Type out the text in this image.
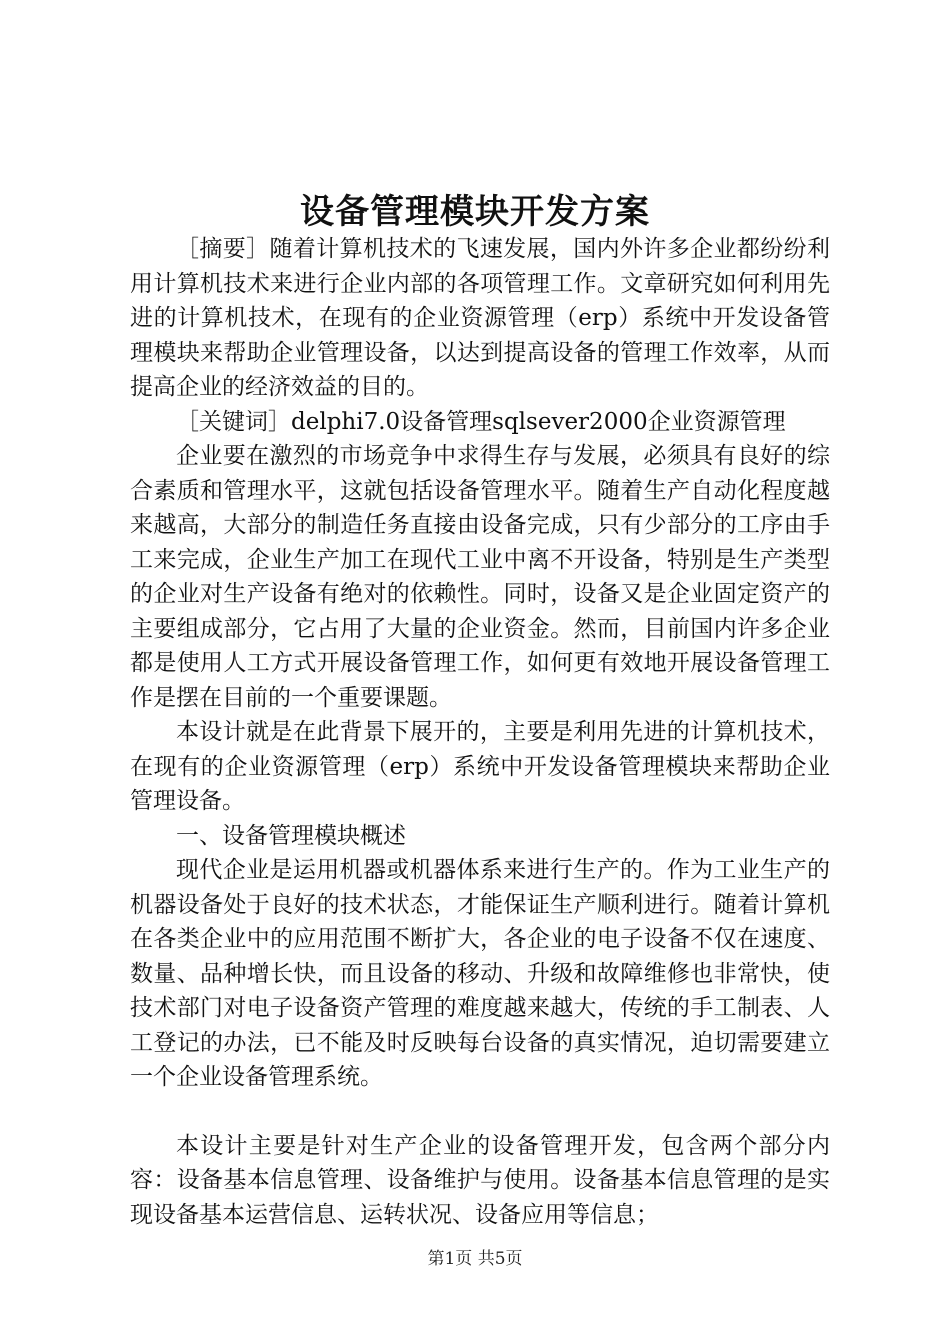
设备管理模块开发方案

［摘要］随着计算机技术的飞速发展，国内外许多企业都纷纷利用计算机技术来进行企业内部的各项管理工作。文章研究如何利用先进的计算机技术，在现有的企业资源管理（erp）系统中开发设备管理模块来帮助企业管理设备，以达到提高设备的管理工作效率，从而提高企业的经济效益的目的。

［关键词］delphi7.0设备管理sqlsever2000企业资源管理

企业要在激烈的市场竞争中求得生存与发展，必须具有良好的综合素质和管理水平，这就包括设备管理水平。随着生产自动化程度越来越高，大部分的制造任务直接由设备完成，只有少部分的工序由手工来完成，企业生产加工在现代工业中离不开设备，特别是生产类型的企业对生产设备有绝对的依赖性。同时，设备又是企业固定资产的主要组成部分，它占用了大量的企业资金。然而，目前国内许多企业都是使用人工方式开展设备管理工作，如何更有效地开展设备管理工作是摆在目前的一个重要课题。

本设计就是在此背景下展开的，主要是利用先进的计算机技术，在现有的企业资源管理（erp）系统中开发设备管理模块来帮助企业管理设备。

一、设备管理模块概述

现代企业是运用机器或机器体系来进行生产的。作为工业生产的机器设备处于良好的技术状态，才能保证生产顺利进行。随着计算机在各类企业中的应用范围不断扩大，各企业的电子设备不仅在速度、数量、品种增长快，而且设备的移动、升级和故障维修也非常快，使技术部门对电子设备资产管理的难度越来越大，传统的手工制表、人工登记的办法，已不能及时反映每台设备的真实情况，迫切需要建立一个企业设备管理系统。

本设计主要是针对生产企业的设备管理开发，包含两个部分内容：设备基本信息管理、设备维护与使用。设备基本信息管理的是实现设备基本运营信息、运转状况、设备应用等信息；

第1页 共5页
